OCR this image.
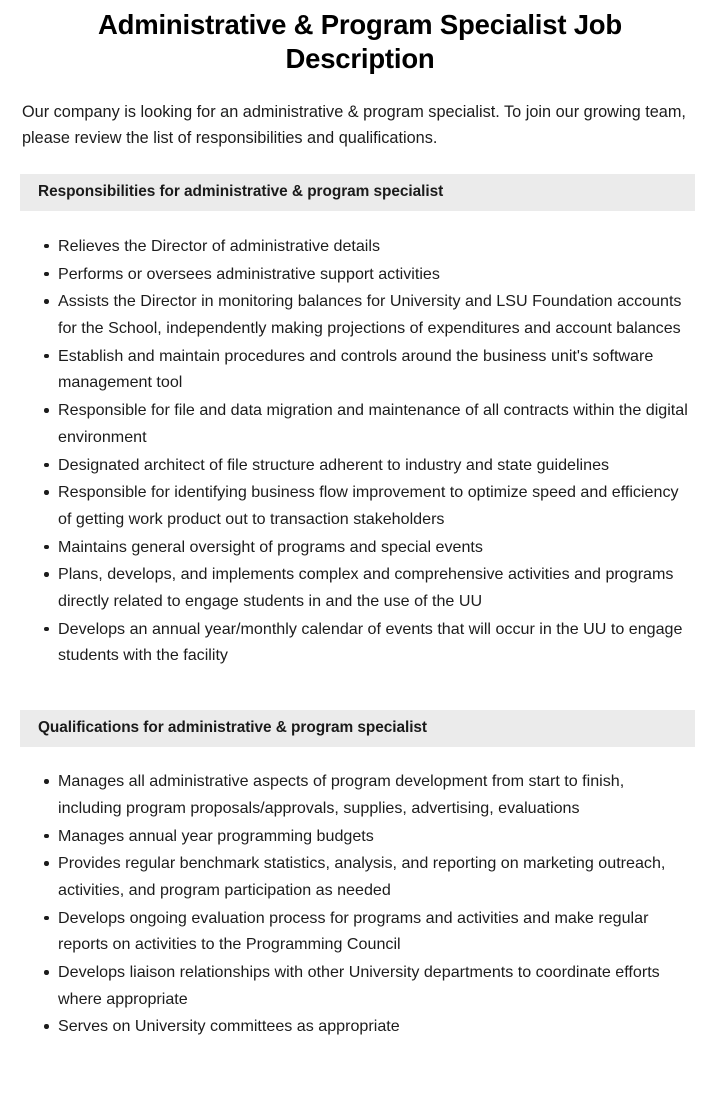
Administrative & Program Specialist Job Description

Our company is looking for an administrative & program specialist. To join our growing team, please review the list of responsibilities and qualifications.

Responsibilities for administrative & program specialist
Relieves the Director of administrative details
Performs or oversees administrative support activities
Assists the Director in monitoring balances for University and LSU Foundation accounts for the School, independently making projections of expenditures and account balances
Establish and maintain procedures and controls around the business unit's software management tool
Responsible for file and data migration and maintenance of all contracts within the digital environment
Designated architect of file structure adherent to industry and state guidelines
Responsible for identifying business flow improvement to optimize speed and efficiency of getting work product out to transaction stakeholders
Maintains general oversight of programs and special events
Plans, develops, and implements complex and comprehensive activities and programs directly related to engage students in and the use of the UU
Develops an annual year/monthly calendar of events that will occur in the UU to engage students with the facility
Qualifications for administrative & program specialist
Manages all administrative aspects of program development from start to finish, including program proposals/approvals, supplies, advertising, evaluations
Manages annual year programming budgets
Provides regular benchmark statistics, analysis, and reporting on marketing outreach, activities, and program participation as needed
Develops ongoing evaluation process for programs and activities and make regular reports on activities to the Programming Council
Develops liaison relationships with other University departments to coordinate efforts where appropriate
Serves on University committees as appropriate
